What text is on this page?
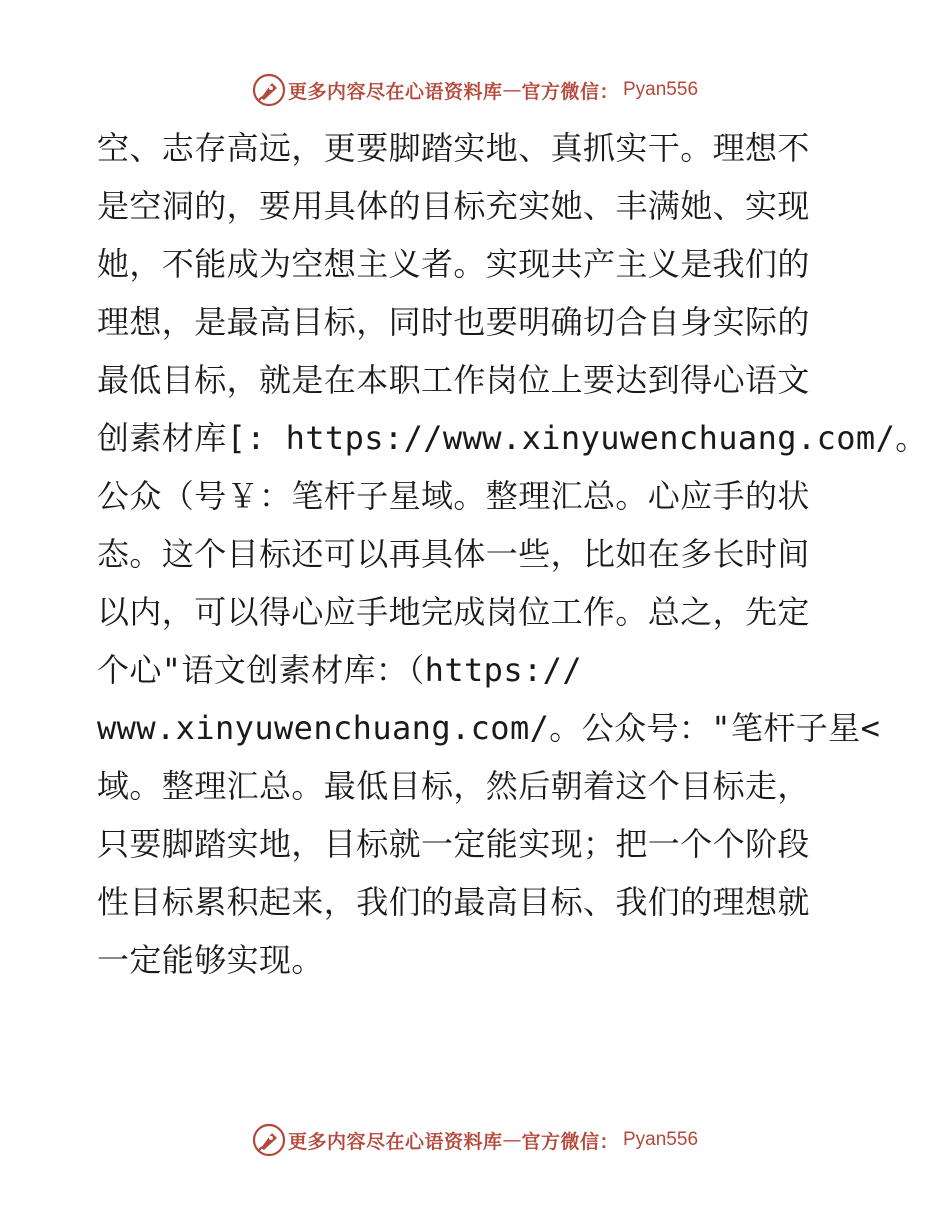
更多内容尽在心语资料库 — 官方微信： Pyan556
空、志存高远，更要脚踏实地、真抓实干。理想不
是空洞的，要用具体的目标充实她、丰满她、实现
她，不能成为空想主义者。实现共产主义是我们的
理想，是最高目标，同时也要明确切合自身实际的
最低目标，就是在本职工作岗位上要达到得心语文
创素材库[: https://www.xinyuwenchuang.com/。
公众（号￥：笔杆子星域。整理汇总。心应手的状
态。这个目标还可以再具体一些，比如在多长时间
以内，可以得心应手地完成岗位工作。总之，先定
个心"语文创素材库：（https://
www.xinyuwenchuang.com/。公众号："笔杆子星<
域。整理汇总。最低目标，然后朝着这个目标走，
只要脚踏实地，目标就一定能实现；把一个个阶段
性目标累积起来，我们的最高目标、我们的理想就
一定能够实现。
更多内容尽在心语资料库 — 官方微信： Pyan556
